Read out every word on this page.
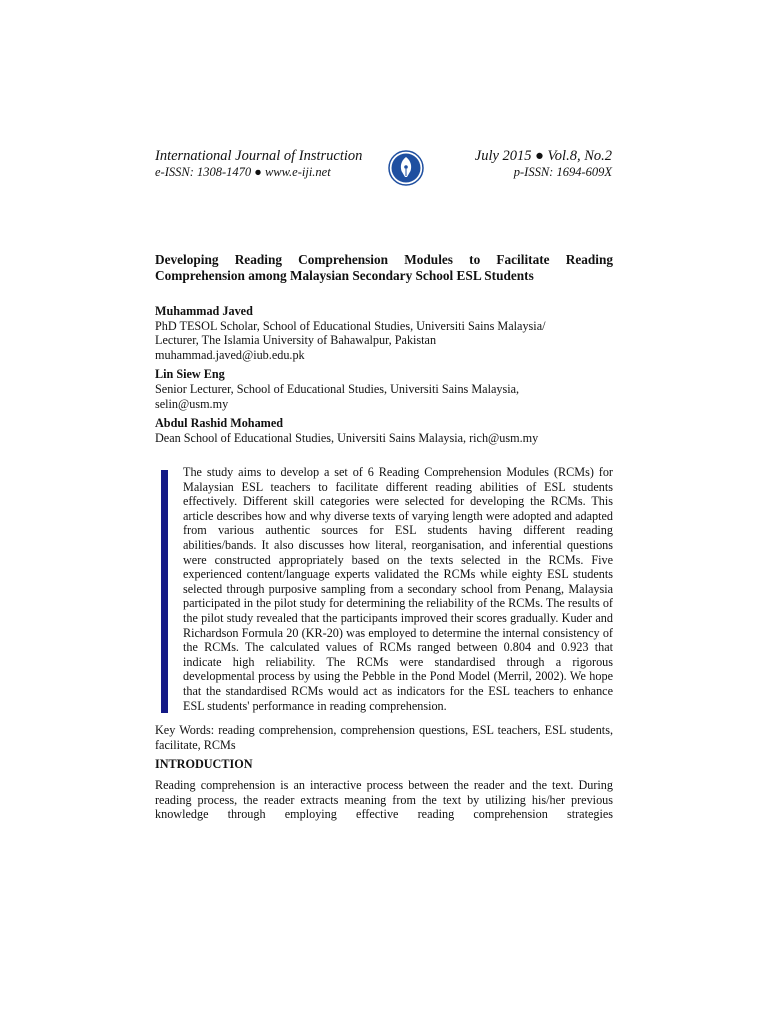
International Journal of Instruction
e-ISSN: 1308-1470 ● www.e-iji.net
July 2015 ● Vol.8, No.2
p-ISSN: 1694-609X
Developing Reading Comprehension Modules to Facilitate Reading Comprehension among Malaysian Secondary School ESL Students
Muhammad Javed
PhD TESOL Scholar, School of Educational Studies, Universiti Sains Malaysia/
Lecturer, The Islamia University of Bahawalpur, Pakistan
muhammad.javed@iub.edu.pk
Lin Siew Eng
Senior Lecturer, School of Educational Studies, Universiti Sains Malaysia,
selin@usm.my
Abdul Rashid Mohamed
Dean School of Educational Studies, Universiti Sains Malaysia, rich@usm.my

The study aims to develop a set of 6 Reading Comprehension Modules (RCMs) for Malaysian ESL teachers to facilitate different reading abilities of ESL students effectively. Different skill categories were selected for developing the RCMs. This article describes how and why diverse texts of varying length were adopted and adapted from various authentic sources for ESL students having different reading abilities/bands. It also discusses how literal, reorganisation, and inferential questions were constructed appropriately based on the texts selected in the RCMs. Five experienced content/language experts validated the RCMs while eighty ESL students selected through purposive sampling from a secondary school from Penang, Malaysia participated in the pilot study for determining the reliability of the RCMs. The results of the pilot study revealed that the participants improved their scores gradually. Kuder and Richardson Formula 20 (KR-20) was employed to determine the internal consistency of the RCMs. The calculated values of RCMs ranged between 0.804 and 0.923 that indicate high reliability. The RCMs were standardised through a rigorous developmental process by using the Pebble in the Pond Model (Merril, 2002). We hope that the standardised RCMs would act as indicators for the ESL teachers to enhance ESL students' performance in reading comprehension.

Key Words: reading comprehension, comprehension questions, ESL teachers, ESL students, facilitate, RCMs

INTRODUCTION

Reading comprehension is an interactive process between the reader and the text. During reading process, the reader extracts meaning from the text by utilizing his/her previous knowledge through employing effective reading comprehension strategies
